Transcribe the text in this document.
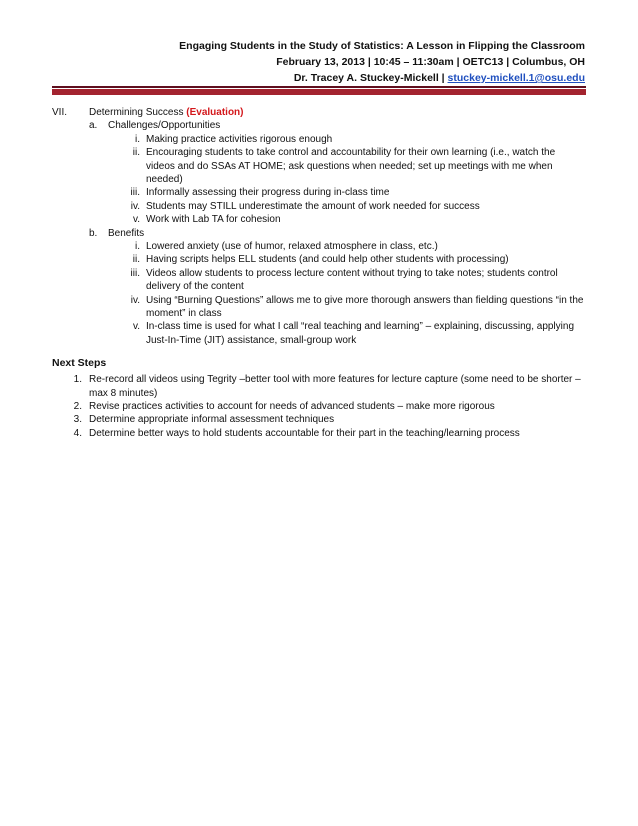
Engaging Students in the Study of Statistics: A Lesson in Flipping the Classroom
February 13, 2013 | 10:45 – 11:30am | OETC13 | Columbus, OH
Dr. Tracey A. Stuckey-Mickell | stuckey-mickell.1@osu.edu
VII. Determining Success (Evaluation)
a. Challenges/Opportunities
i. Making practice activities rigorous enough
ii. Encouraging students to take control and accountability for their own learning (i.e., watch the videos and do SSAs AT HOME; ask questions when needed; set up meetings with me when needed)
iii. Informally assessing their progress during in-class time
iv. Students may STILL underestimate the amount of work needed for success
v. Work with Lab TA for cohesion
b. Benefits
i. Lowered anxiety (use of humor, relaxed atmosphere in class, etc.)
ii. Having scripts helps ELL students (and could help other students with processing)
iii. Videos allow students to process lecture content without trying to take notes; students control delivery of the content
iv. Using “Burning Questions” allows me to give more thorough answers than fielding questions “in the moment” in class
v. In-class time is used for what I call “real teaching and learning” – explaining, discussing, applying Just-In-Time (JIT) assistance, small-group work
Next Steps
1. Re-record all videos using Tegrity –better tool with more features for lecture capture (some need to be shorter – max 8 minutes)
2. Revise practices activities to account for needs of advanced students – make more rigorous
3. Determine appropriate informal assessment techniques
4. Determine better ways to hold students accountable for their part in the teaching/learning process
